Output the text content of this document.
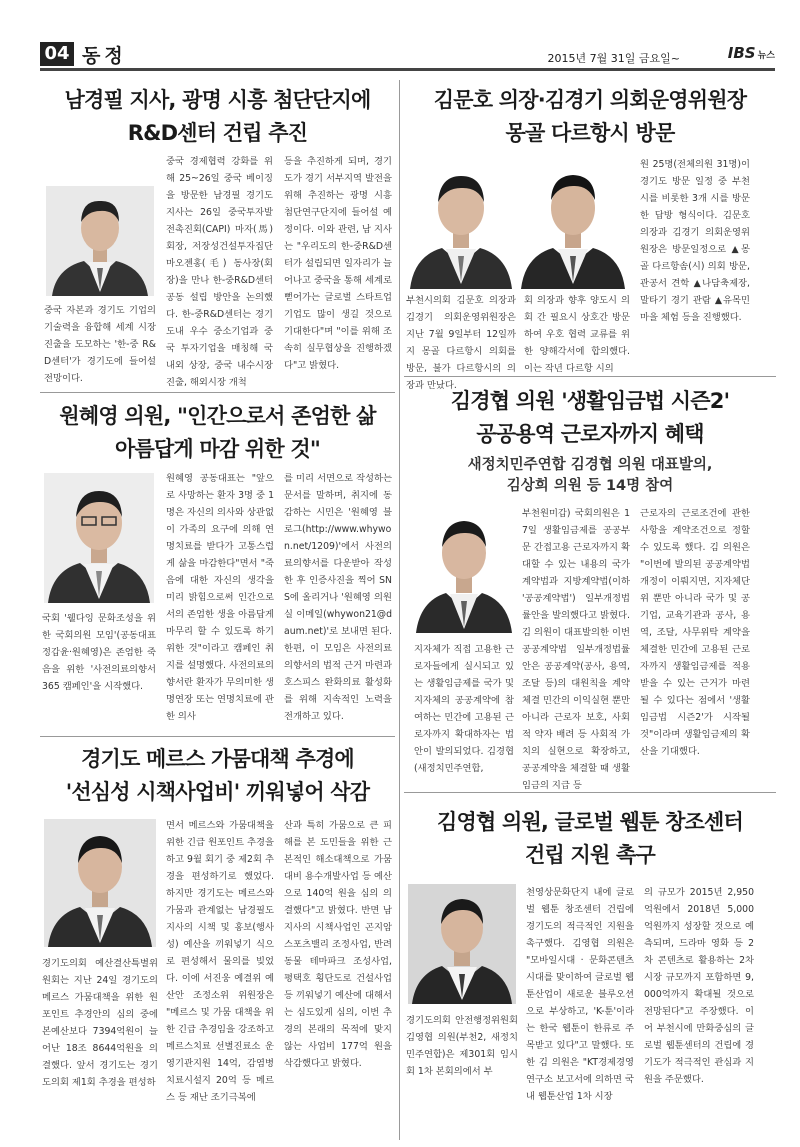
04 동정	2015년 7월 31일 금요일~	IBS 뉴스
남경필 지사, 광명 시흥 첨단단지에
R&D센터 건립 추진
중국 자본과 경기도 기업의 기술력을 융합해 세계 시장 진출을 도모하는 '한-중 R&D센터'가 경기도에 들어설 전망이다.
중국 경제협력 강화를 위해 25~26일 중국 베이징을 방문한 남경필 경기도지사는 26일 중국투자발전촉진회(CAPI) 마자(馬) 회장, 저장성건설투자집단 마오젠홍(毛) 동사장(회장)을 만나 한-중R&D센터 공동 설립 방안을 논의했다. 한-중R&D센터는 경기도내 우수 중소기업과 중국 투자기업을 매칭해 국내외 상장, 중국 내수시장 진출, 해외시장 개척
등을 추진하게 되며, 경기도가 경기 서부지역 발전을 위해 추진하는 광명 시흥 첨단연구단지에 들어설 예정이다. 이와 관련, 남 지사는 "우리도의 한-중R&D센터가 설립되면 일자리가 늘어나고 중국을 통해 세계로 뻗어가는 글로벌 스타트업 기업도 많이 생길 것으로 기대한다"며 "이를 위해 조속히 실무협상을 진행하겠다"고 밝혔다.
김문호 의장·김경기 의회운영위원장
몽골 다르항시 방문
부천시의회 김문호 의장과 김경기 의회운영위원장은 지난 7월 9일부터 12일까지 몽골 다르항시 의회를 방문, 불가 다르항시의 의장과 만났다.
회 의장과 향후 양도시 의회 간 필요시 상호간 방문하여 우호 협력 교류를 위한 양해각서에 합의했다. 이는 작년 다르항 시의
원 25명(전체의원 31명)이 경기도 방문 일정 중 부천시를 비롯한 3개 시를 방문한 답방 형식이다. 김문호 의장과 김경기 의회운영위원장은 방문일정으로 ▲몽골 다르항솜(시) 의회 방문, 관공서 견학 ▲나담축제장, 말타기 경기 관람 ▲유목민 마을 체험 등을 진행했다.
원혜영 의원, "인간으로서 존엄한 삶
아름답게 마감 위한 것"
국회 '웰다잉 문화조성을 위한 국회의원 모임'(공동대표 정갑윤·원혜영)은 존엄한 죽음을 위한 '사전의료의향서 365 캠페인'을 시작했다.
원혜영 공동대표는 "앞으로 사망하는 환자 3명 중 1명은 자신의 의사와 상관없이 가족의 요구에 의해 연명치료를 받다가 고통스럽게 삶을 마감한다"면서 "죽음에 대한 자신의 생각을 미리 밝힘으로써 인간으로서의 존엄한 생을 아름답게 마무리 할 수 있도록 하기 위한 것"이라고 캠페인 취지를 설명했다. 사전의료의향서란 환자가 무의미한 생명연장 또는 연명치료에 관한 의사
를 미리 서면으로 작성하는 문서를 말하며, 취지에 동감하는 시민은 '원혜영 블로그(http://www.whywon.net/1209)'에서 사전의료의향서를 다운받아 작성한 후 인증사진을 찍어 SNS에 올리거나 '원혜영 의원실 이메일(whywon21@daum.net)'로 보내면 된다. 한편, 이 모임은 사전의료의향서의 법적 근거 마련과 호스피스 완화의료 활성화를 위해 지속적인 노력을 전개하고 있다.
김경협 의원 '생활임금법 시즌2'
공공용역 근로자까지 혜택
새정치민주연합 김경협 의원 대표발의,
김상희 의원 등 14명 참여
지자체가 직접 고용한 근로자들에게 실시되고 있는 생활임금제를 국가 및 지자체의 공공계약에 참여하는 민간에 고용된 근로자까지 확대하자는 법안이 발의되었다. 김경협(새정치민주연합,
부천원미갑) 국회의원은 17일 생활임금제를 공공부문 간접고용 근로자까지 확대할 수 있는 내용의 국가계약법과 지방계약법(이하 '공공계약법') 일부개정법률안을 발의했다고 밝혔다. 김 의원이 대표발의한 이번 공공계약법 일부개정법률안은 공공계약(공사, 용역, 조달 등)의 대원칙을 계약 체결 민간의 이익실현 뿐만 아니라 근로자 보호, 사회적 약자 배려 등 사회적 가치의 실현으로 확장하고, 공공계약을 체결할 때 생활임금의 지급 등
근로자의 근로조건에 관한 사항을 계약조건으로 정할 수 있도록 했다. 김 의원은 "이번에 발의된 공공계약법 개정이 이뤄지면, 지자체단위 뿐만 아니라 국가 및 공기업, 교육기관과 공사, 용역, 조달, 사무위탁 계약을 체결한 민간에 고용된 근로자까지 생활임금제를 적용받을 수 있는 근거가 마련될 수 있다는 점에서 '생활임금법 시즌2'가 시작될 것"이라며 생활임금제의 확산을 기대했다.
경기도 메르스 가뭄대책 추경에
'선심성 시책사업비' 끼워넣어 삭감
경기도의회 예산결산특별위원회는 지난 24일 경기도의 메르스 가뭄대책을 위한 원포인트 추경안의 심의 중에 본예산보다 7394억원이 늘어난 18조 8644억원을 의결했다. 앞서 경기도는 경기도의회 제1회 추경을 편성하
면서 메르스와 가뭄대책을 위한 긴급 원포인트 추경을 하고 9월 회기 중 제2회 추경을 편성하기로 했었다. 하지만 경기도는 메르스와 가뭄과 관계없는 남경필도지사의 시책 및 홍보(행사성) 예산을 끼워넣기 식으로 편성해서 물의를 빚었다. 이에 서진웅 예결위 예산안 조정소위 위원장은 "메르스 및 가뭄 대책을 위한 긴급 추경임을 강조하고 메르스치료 선별진료소 운영기관지원 14억, 감염병 치료시설지 20억 등 메르스 등 재난 조기극복에
산과 특히 가뭄으로 큰 피해를 본 도민들을 위한 근본적인 해소대책으로 가뭄대비 용수개발사업 등 예산으로 140억 원을 심의 의결했다"고 밝혔다. 반면 남 지사의 시책사업인 곤지암 스포츠밸리 조정사업, 반려동물 테마파크 조성사업, 평택호 횡단도로 건설사업 등 끼워넣기 예산에 대해서는 심도있게 심의, 이번 추경의 본래의 목적에 맞지 않는 사업비 177억 원을 삭감했다고 밝혔다.
김영협 의원, 글로벌 웹툰 창조센터
건립 지원 촉구
경기도의회 안전행정위원회 김영협 의원(부천2, 새정치민주연합)은 제301회 임시회 1차 본회의에서 부
천영상문화단지 내에 글로벌 웹툰 창조센터 건립에 경기도의 적극적인 지원을 촉구했다. 김영협 의원은 "모바일시대 · 문화콘텐츠 시대를 맞이하여 글로벌 웹툰산업이 새로운 블루오션으로 부상하고, 'K-툰'이라는 한국 웹툰이 한류로 주목받고 있다"고 말했다. 또한 김 의원은 "KT경제경영연구소 보고서에 의하면 국내 웹툰산업 1차 시장
의 규모가 2015년 2,950억원에서 2018년 5,000억원까지 성장할 것으로 예측되며, 드라마 영화 등 2차 콘텐츠로 활용하는 2차 시장 규모까지 포함하면 9,000억까지 확대될 것으로 전망된다"고 주장했다. 이어 부천시에 만화중심의 글로벌 웹툰센터의 건립에 경기도가 적극적인 관심과 지원을 주문했다.
